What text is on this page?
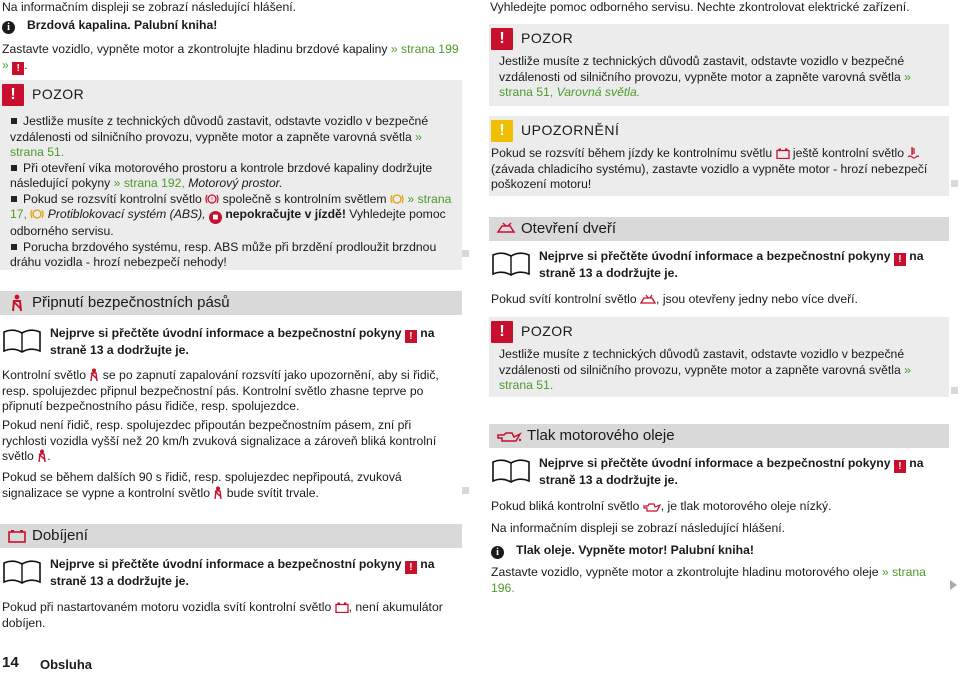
Na informačním displeji se zobrazí následující hlášení.
i Brzdová kapalina. Palubní kniha!
Zastavte vozidlo, vypněte motor a zkontrolujte hladinu brzdové kapaliny » strana 199 » ! .
!	POZOR
Jestliže musíte z technických důvodů zastavit, odstavte vozidlo v bezpečné vzdálenosti od silničního provozu, vypněte motor a zapněte varovná světla » strana 51.
Při otevření víka motorového prostoru a kontrole brzdové kapaliny dodržujte následující pokyny » strana 192, Motorový prostor.
Pokud se rozsvítí kontrolní světlo ! společně s kontrolním světlem » strana 17, Protiblokovací systém (ABS), ■ nepokračujte v jízdě! Vyhledejte pomoc odborného servisu.
Porucha brzdového systému, resp. ABS může při brzdění prodloužit brzdnou dráhu vozidla - hrozí nebezpečí nehody!
Připnutí bezpečnostních pásů
Nejprve si přečtěte úvodní informace a bezpečnostní pokyny ! na straně 13 a dodržujte je.
Kontrolní světlo se po zapnutí zapalování rozsvítí jako upozornění, aby si řidič, resp. spolujezdec připnul bezpečnostní pás. Kontrolní světlo zhasne teprve po připnutí bezpečnostního pásu řidiče, resp. spolujezdce.
Pokud není řidič, resp. spolujezdec připoután bezpečnostním pásem, zní při rychlosti vozidla vyšší než 20 km/h zvuková signalizace a zároveň bliká kontrolní světlo .
Pokud se během dalších 90 s řidič, resp. spolujezdec nepřipoutá, zvuková signalizace se vypne a kontrolní světlo bude svítit trvale.
Dobíjení
Nejprve si přečtěte úvodní informace a bezpečnostní pokyny ! na straně 13 a dodržujte je.
Pokud při nastartovaném motoru vozidla svítí kontrolní světlo , není akumulátor dobíjen.
Vyhledejte pomoc odborného servisu. Nechte zkontrolovat elektrické zařízení.
!	POZOR
Jestliže musíte z technických důvodů zastavit, odstavte vozidlo v bezpečné vzdálenosti od silničního provozu, vypněte motor a zapněte varovná světla » strana 51, Varovná světla.
!	UPOZORNĚNÍ
Pokud se rozsvítí během jízdy ke kontrolnímu světlu ještě kontrolní světlo  (závada chladicího systému), zastavte vozidlo a vypněte motor - hrozí nebezpečí poškození motoru!
Otevření dveří
Nejprve si přečtěte úvodní informace a bezpečnostní pokyny ! na straně 13 a dodržujte je.
Pokud svítí kontrolní světlo , jsou otevřeny jedny nebo více dveří.
!	POZOR
Jestliže musíte z technických důvodů zastavit, odstavte vozidlo v bezpečné vzdálenosti od silničního provozu, vypněte motor a zapněte varovná světla » strana 51.
Tlak motorového oleje
Nejprve si přečtěte úvodní informace a bezpečnostní pokyny ! na straně 13 a dodržujte je.
Pokud bliká kontrolní světlo , je tlak motorového oleje nízký.
Na informačním displeji se zobrazí následující hlášení.
i Tlak oleje. Vypněte motor! Palubní kniha!
Zastavte vozidlo, vypněte motor a zkontrolujte hladinu motorového oleje » strana 196.
14 Obsluha
